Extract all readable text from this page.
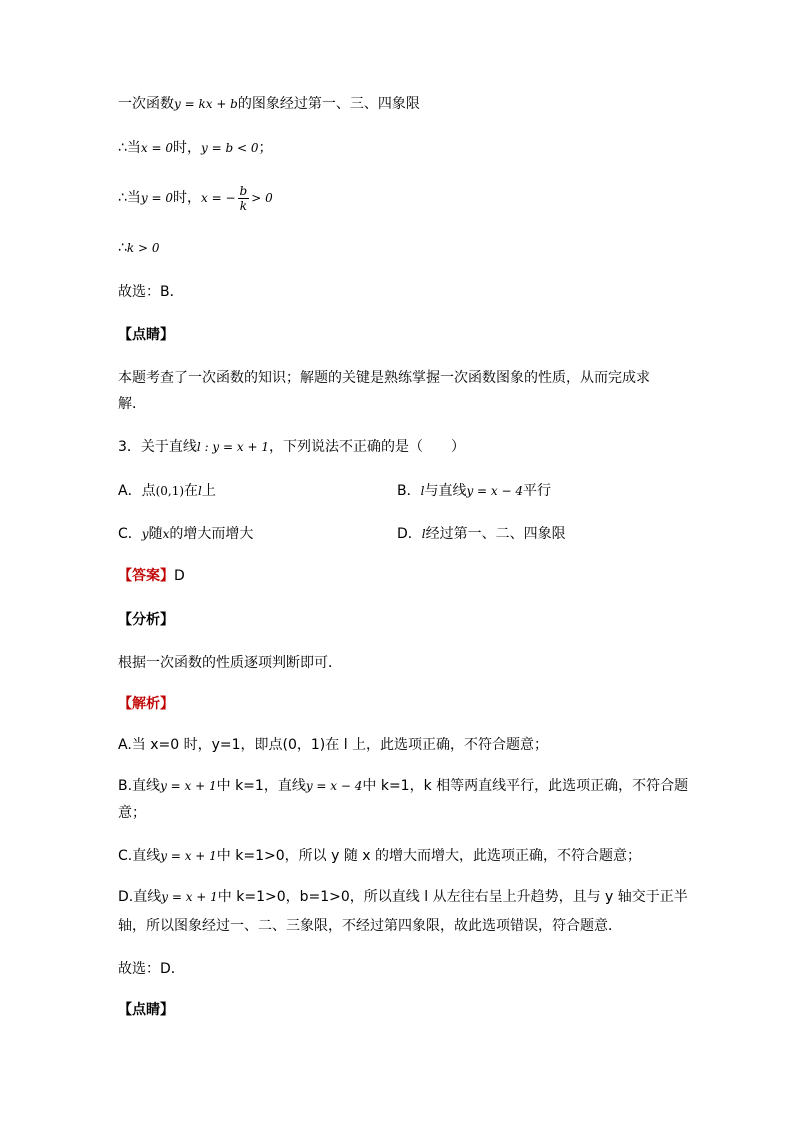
一次函数y = kx + b的图象经过第一、三、四象限
∴当x = 0时，y = b < 0；
∴当y = 0时，x = − $\frac{b}{k} > 0$
∴k > 0
故选：B．
【点睛】
本题考查了一次函数的知识；解题的关键是熟练掌握一次函数图象的性质，从而完成求
解．
3．关于直线l : y = x + 1，下列说法不正确的是（　　）
A．点(0,1)在l上	B．l与直线y = x − 4平行
C．y随x的增大而增大	D．l经过第一、二、四象限
【答案】D
【分析】
根据一次函数的性质逐项判断即可．
【解析】
A.当 x=0 时，y=1，即点(0，1)在 l 上，此选项正确，不符合题意；
B.直线y = x + 1中 k=1，直线y = x − 4中 k=1，k 相等两直线平行，此选项正确，不符合题
意；
C.直线y = x + 1中 k=1>0，所以 y 随 x 的增大而增大，此选项正确，不符合题意；
D.直线y = x + 1中 k=1>0，b=1>0，所以直线 l 从左往右呈上升趋势，且与 y 轴交于正半
轴，所以图象经过一、二、三象限，不经过第四象限，故此选项错误，符合题意．
故选：D．
【点睛】
